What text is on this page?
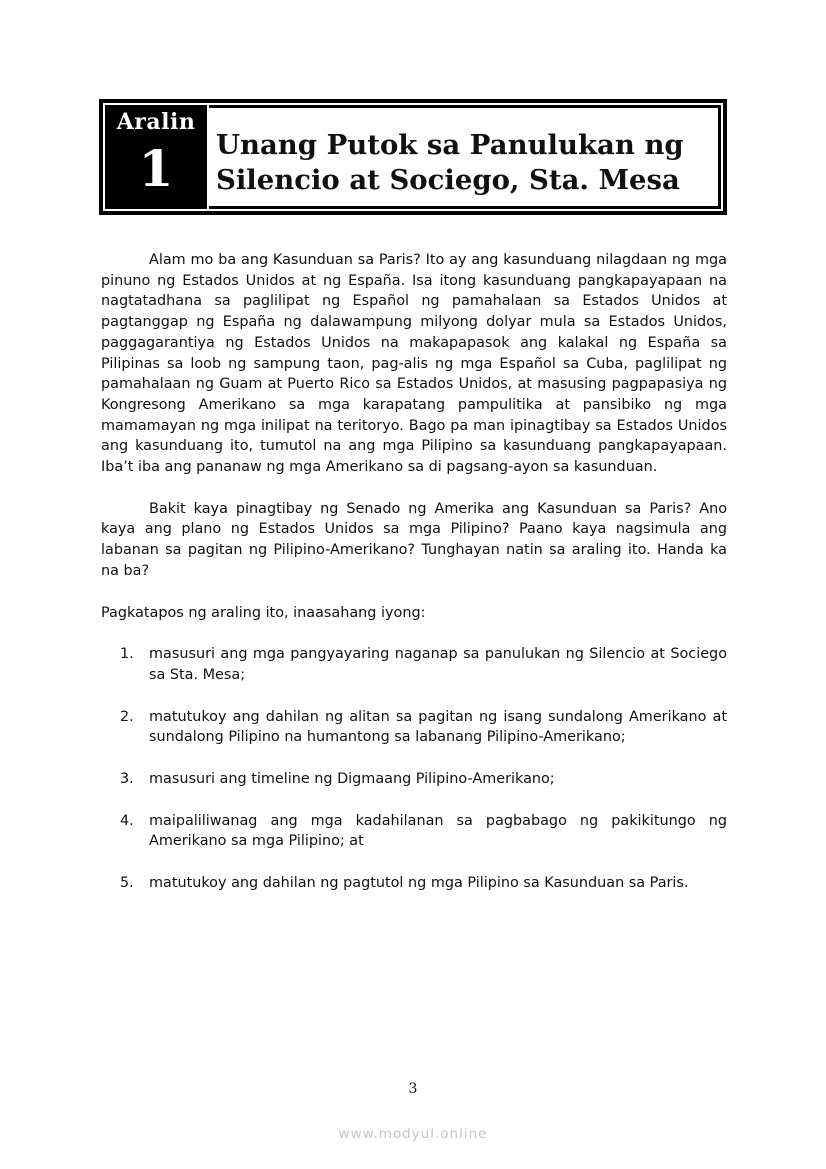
Aralin
1	Unang Putok sa Panulukan ng Silencio at Sociego, Sta. Mesa

Alam mo ba ang Kasunduan sa Paris? Ito ay ang kasunduang nilagdaan ng mga pinuno ng Estados Unidos at ng España. Isa itong kasunduang pangkapayapaan na nagtatadhana sa paglilipat ng Español ng pamahalaan sa Estados Unidos at pagtanggap ng España ng dalawampung milyong dolyar mula sa Estados Unidos, paggagarantiya ng Estados Unidos na makapapasok ang kalakal ng España sa Pilipinas sa loob ng sampung taon, pag-alis ng mga Español sa Cuba, paglilipat ng pamahalaan ng Guam at Puerto Rico sa Estados Unidos, at masusing pagpapasiya ng Kongresong Amerikano sa mga karapatang pampulitika at pansibiko ng mga mamamayan ng mga inilipat na teritoryo. Bago pa man ipinagtibay sa Estados Unidos ang kasunduang ito, tumutol na ang mga Pilipino sa kasunduang pangkapayapaan. Iba’t iba ang pananaw ng mga Amerikano sa di pagsang-ayon sa kasunduan.

Bakit kaya pinagtibay ng Senado ng Amerika ang Kasunduan sa Paris? Ano kaya ang plano ng Estados Unidos sa mga Pilipino? Paano kaya nagsimula ang labanan sa pagitan ng Pilipino-Amerikano? Tunghayan natin sa araling ito. Handa ka na ba?

Pagkatapos ng araling ito, inaasahang iyong:

1.	masusuri ang mga pangyayaring naganap sa panulukan ng Silencio at Sociego sa Sta. Mesa;
2.	matutukoy ang dahilan ng alitan sa pagitan ng isang sundalong Amerikano at sundalong Pilipino na humantong sa labanang Pilipino-Amerikano;
3.	masusuri ang timeline ng Digmaang Pilipino-Amerikano;
4.	maipaliliwanag ang mga kadahilanan sa pagbabago ng pakikitungo ng Amerikano sa mga Pilipino; at
5.	matutukoy ang dahilan ng pagtutol ng mga Pilipino sa Kasunduan sa Paris.
3
www.modyul.online
